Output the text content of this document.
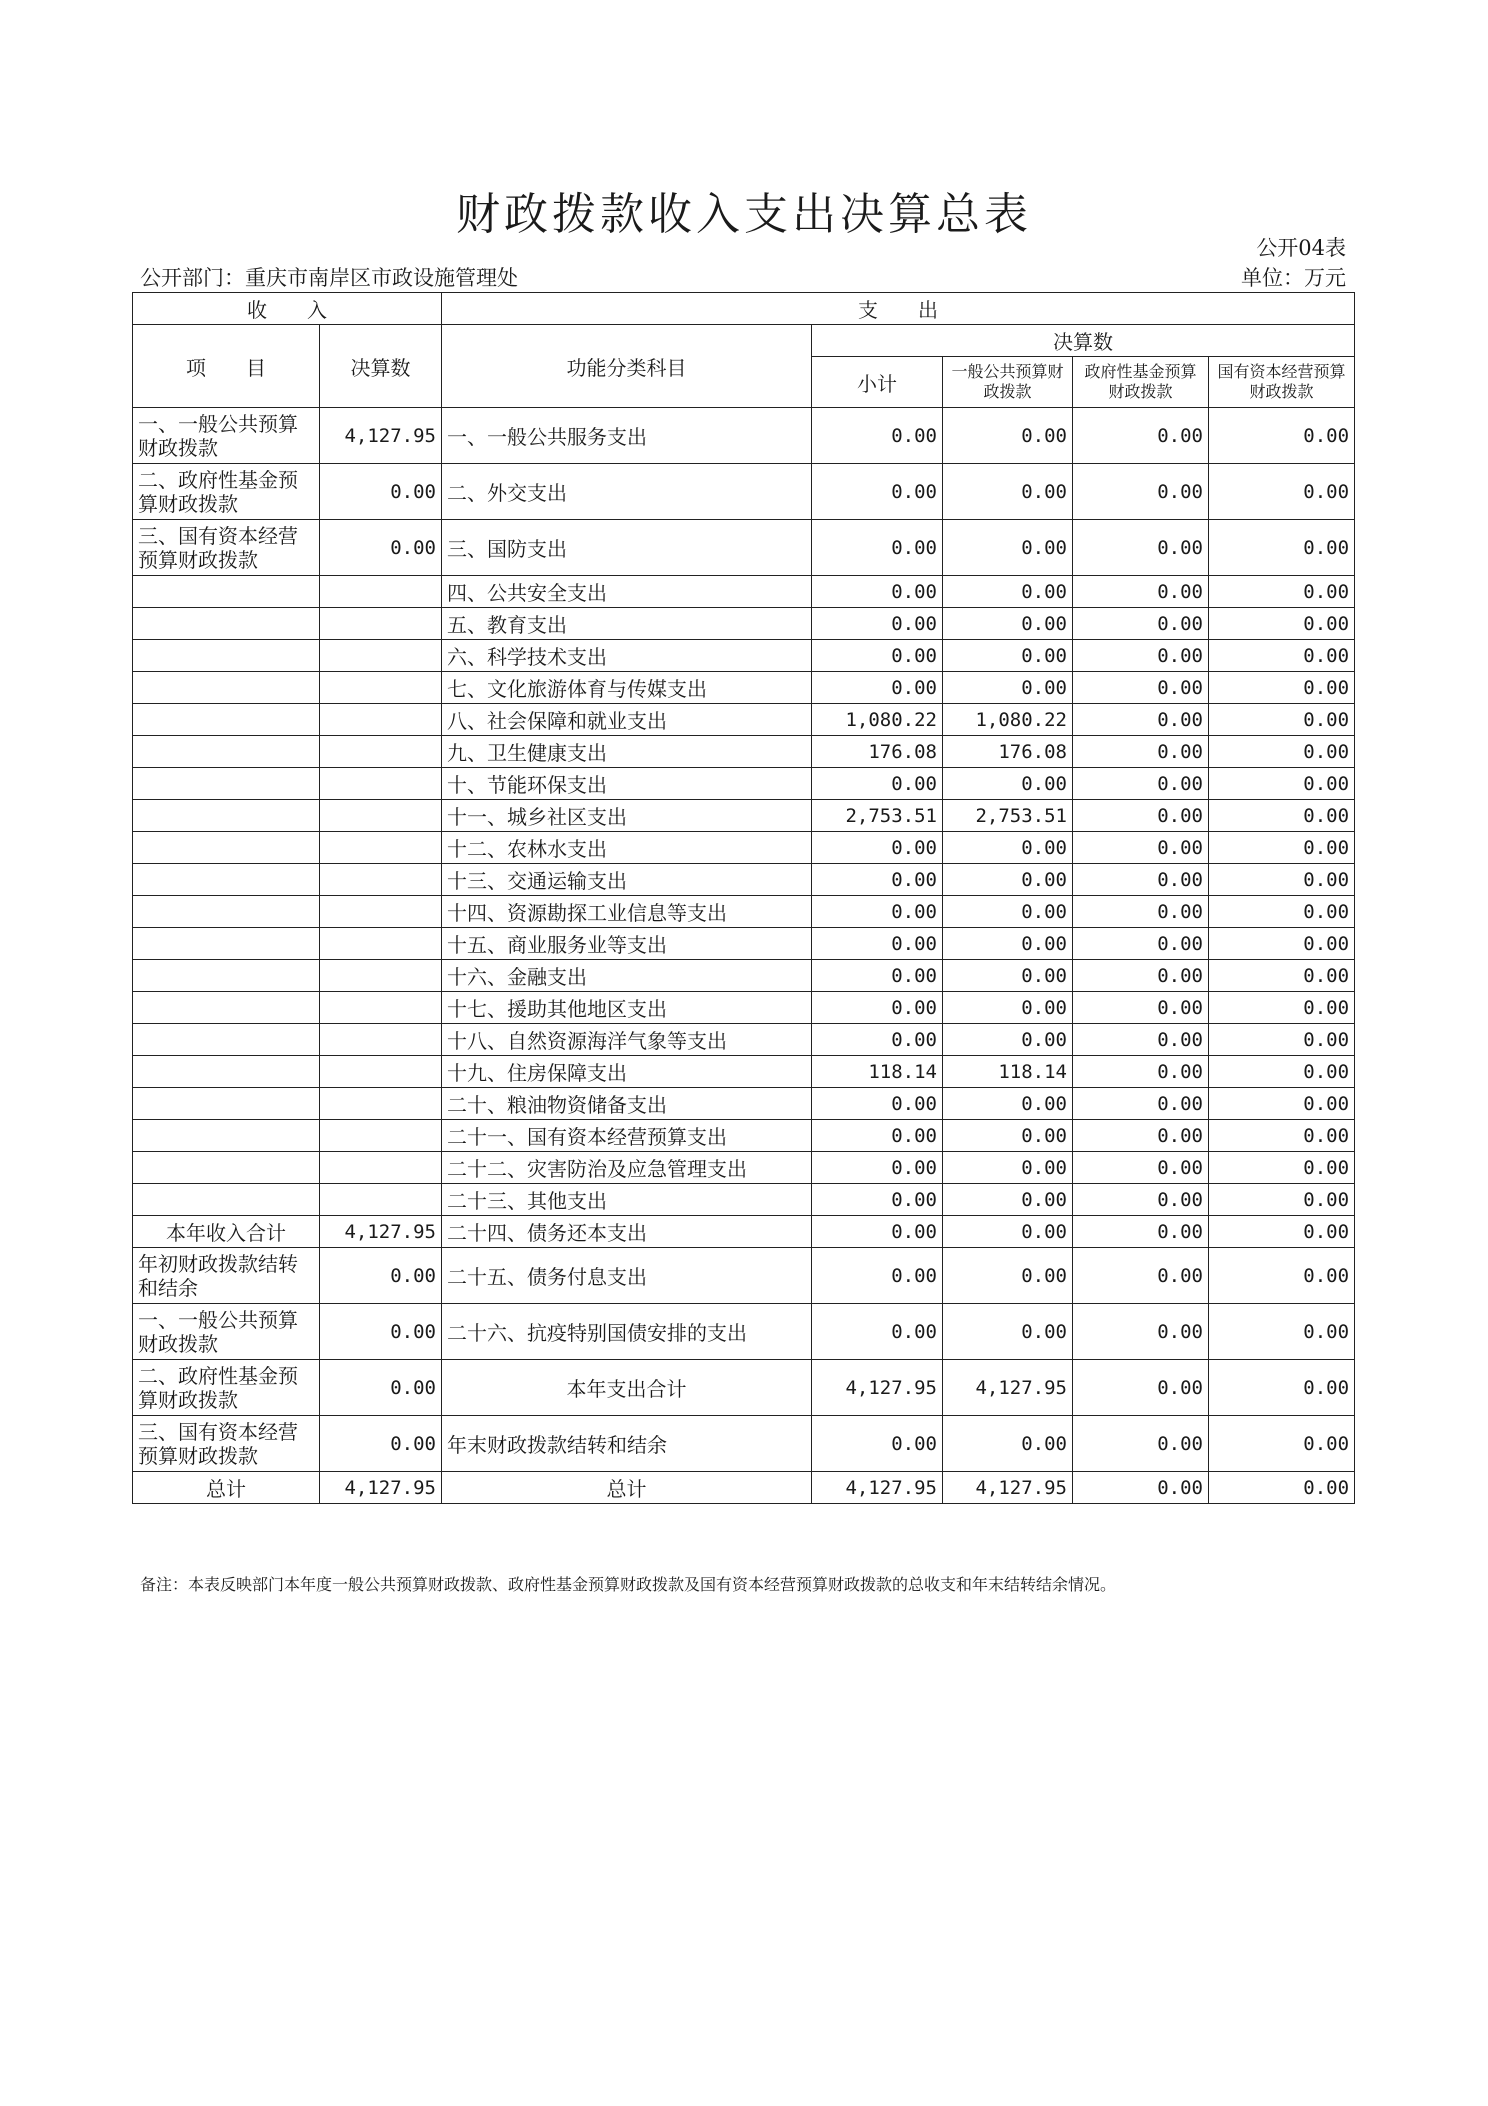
财政拨款收入支出决算总表
公开04表
公开部门：重庆市南岸区市政设施管理处	单位：万元
收　　入		支　　出				
项　　目	决算数	功能分类科目	决算数			
			小计	一般公共预算财政拨款	政府性基金预算财政拨款	国有资本经营预算财政拨款
一、一般公共预算财政拨款	4,127.95	一、一般公共服务支出	0.00	0.00	0.00	0.00
二、政府性基金预算财政拨款	0.00	二、外交支出	0.00	0.00	0.00	0.00
三、国有资本经营预算财政拨款	0.00	三、国防支出	0.00	0.00	0.00	0.00
		四、公共安全支出	0.00	0.00	0.00	0.00
		五、教育支出	0.00	0.00	0.00	0.00
		六、科学技术支出	0.00	0.00	0.00	0.00
		七、文化旅游体育与传媒支出	0.00	0.00	0.00	0.00
		八、社会保障和就业支出	1,080.22	1,080.22	0.00	0.00
		九、卫生健康支出	176.08	176.08	0.00	0.00
		十、节能环保支出	0.00	0.00	0.00	0.00
		十一、城乡社区支出	2,753.51	2,753.51	0.00	0.00
		十二、农林水支出	0.00	0.00	0.00	0.00
		十三、交通运输支出	0.00	0.00	0.00	0.00
		十四、资源勘探工业信息等支出	0.00	0.00	0.00	0.00
		十五、商业服务业等支出	0.00	0.00	0.00	0.00
		十六、金融支出	0.00	0.00	0.00	0.00
		十七、援助其他地区支出	0.00	0.00	0.00	0.00
		十八、自然资源海洋气象等支出	0.00	0.00	0.00	0.00
		十九、住房保障支出	118.14	118.14	0.00	0.00
		二十、粮油物资储备支出	0.00	0.00	0.00	0.00
		二十一、国有资本经营预算支出	0.00	0.00	0.00	0.00
		二十二、灾害防治及应急管理支出	0.00	0.00	0.00	0.00
		二十三、其他支出	0.00	0.00	0.00	0.00
本年收入合计	4,127.95	二十四、债务还本支出	0.00	0.00	0.00	0.00
年初财政拨款结转和结余	0.00	二十五、债务付息支出	0.00	0.00	0.00	0.00
一、一般公共预算财政拨款	0.00	二十六、抗疫特别国债安排的支出	0.00	0.00	0.00	0.00
二、政府性基金预算财政拨款	0.00	本年支出合计	4,127.95	4,127.95	0.00	0.00
三、国有资本经营预算财政拨款	0.00	年末财政拨款结转和结余	0.00	0.00	0.00	0.00
总计	4,127.95	总计	4,127.95	4,127.95	0.00	0.00
备注：本表反映部门本年度一般公共预算财政拨款、政府性基金预算财政拨款及国有资本经营预算财政拨款的总收支和年末结转结余情况。
